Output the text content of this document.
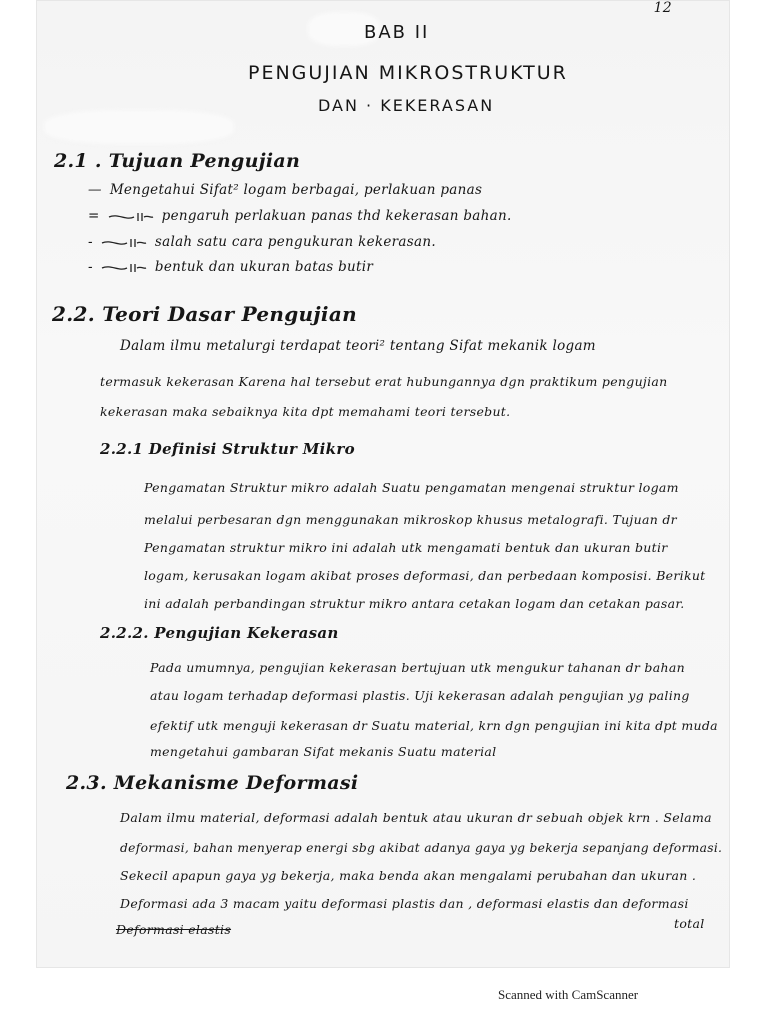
12
BAB II
PENGUJIAN MIKROSTRUKTUR
DAN · KEKERASAN
2.1 . Tujuan Pengujian
— Mengetahui Sifat² logam berbagai, perlakuan panas
=	pengaruh perlakuan panas thd kekerasan bahan.
-	salah satu cara pengukuran kekerasan.
-	bentuk dan ukuran batas butir
2.2. Teori Dasar Pengujian
Dalam ilmu metalurgi terdapat teori² tentang Sifat mekanik logam
termasuk kekerasan Karena hal tersebut erat hubungannya dgn praktikum pengujian
kekerasan maka sebaiknya kita dpt memahami teori tersebut.
2.2.1 Definisi Struktur Mikro
Pengamatan Struktur mikro adalah Suatu pengamatan mengenai struktur logam
melalui perbesaran dgn menggunakan mikroskop khusus metalografi. Tujuan dr
Pengamatan struktur mikro ini adalah utk mengamati bentuk dan ukuran butir
logam, kerusakan logam akibat proses deformasi, dan perbedaan komposisi. Berikut
ini adalah perbandingan struktur mikro antara cetakan logam dan cetakan pasar.
2.2.2. Pengujian Kekerasan
Pada umumnya, pengujian kekerasan bertujuan utk mengukur tahanan dr bahan
atau logam terhadap deformasi plastis. Uji kekerasan adalah pengujian yg paling
efektif utk menguji kekerasan dr Suatu material, krn dgn pengujian ini kita dpt muda
mengetahui gambaran Sifat mekanis Suatu material
2.3. Mekanisme Deformasi
Dalam ilmu material, deformasi adalah bentuk atau ukuran dr sebuah objek krn . Selama
deformasi, bahan menyerap energi sbg akibat adanya gaya yg bekerja sepanjang deformasi.
Sekecil apapun gaya yg bekerja, maka benda akan mengalami perubahan dan ukuran .
Deformasi ada 3 macam yaitu deformasi plastis dan , deformasi elastis dan deformasi
total
Deformasi elastis
Scanned with CamScanner
